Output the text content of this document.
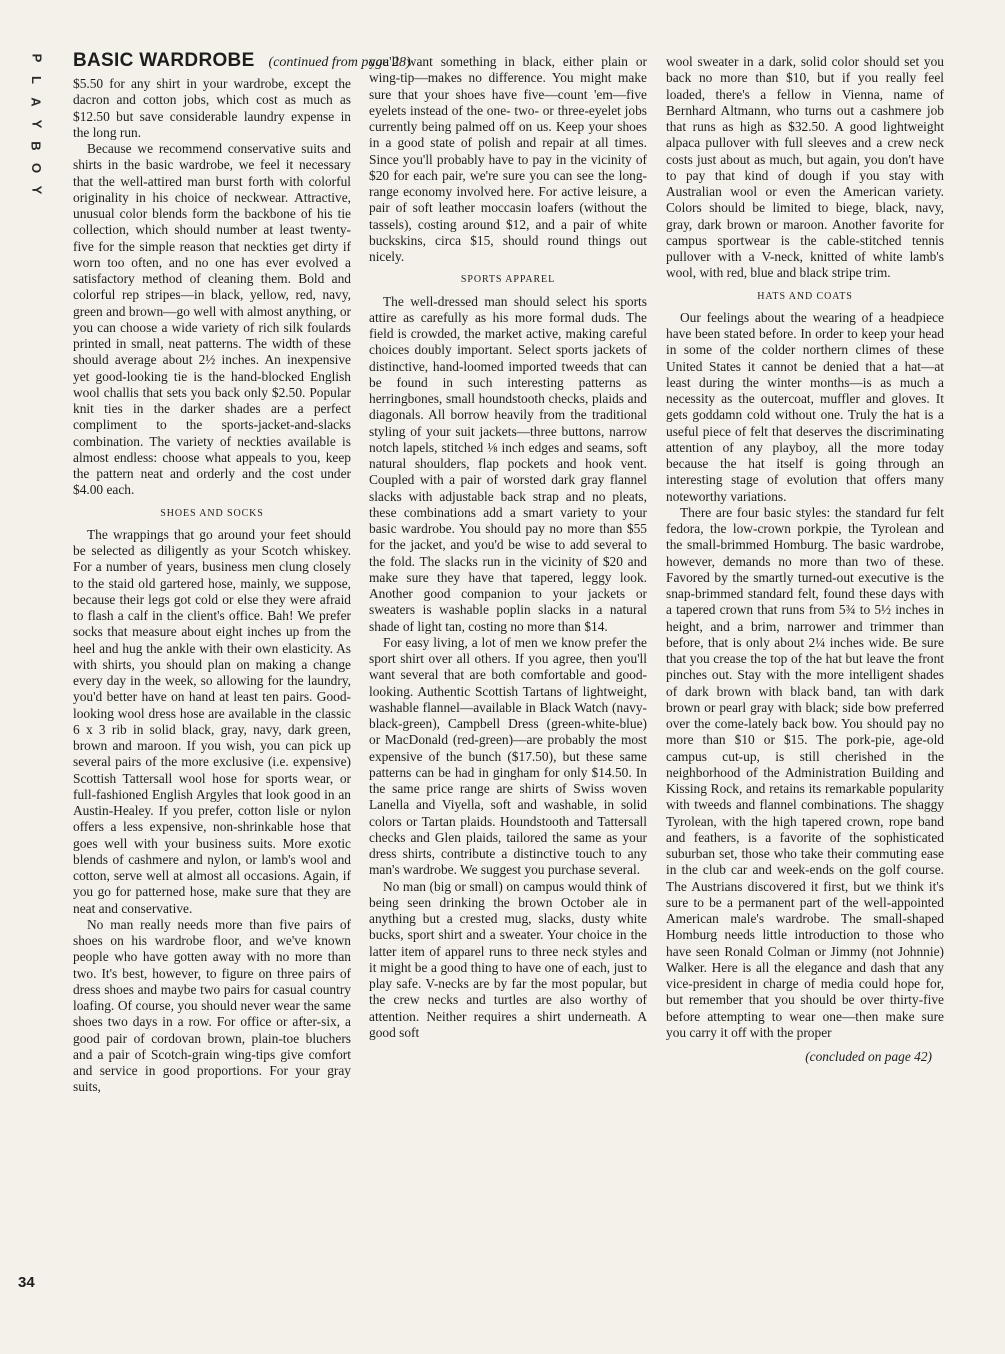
P
L
A
Y
B
O
Y
BASIC WARDROBE (continued from page 28)

$5.50 for any shirt in your wardrobe, except the dacron and cotton jobs, which cost as much as $12.50 but save considerable laundry expense in the long run.

Because we recommend conservative suits and shirts in the basic wardrobe, we feel it necessary that the well-attired man burst forth with colorful originality in his choice of neckwear. Attractive, unusual color blends form the backbone of his tie collection, which should number at least twenty-five for the simple reason that neckties get dirty if worn too often, and no one has ever evolved a satisfactory method of cleaning them. Bold and colorful rep stripes—in black, yellow, red, navy, green and brown—go well with almost anything, or you can choose a wide variety of rich silk foulards printed in small, neat patterns. The width of these should average about 2½ inches. An inexpensive yet good-looking tie is the hand-blocked English wool challis that sets you back only $2.50. Popular knit ties in the darker shades are a perfect compliment to the sports-jacket-and-slacks combination. The variety of neckties available is almost endless: choose what appeals to you, keep the pattern neat and orderly and the cost under $4.00 each.

SHOES AND SOCKS

The wrappings that go around your feet should be selected as diligently as your Scotch whiskey. For a number of years, business men clung closely to the staid old gartered hose, mainly, we suppose, because their legs got cold or else they were afraid to flash a calf in the client's office. Bah! We prefer socks that measure about eight inches up from the heel and hug the ankle with their own elasticity. As with shirts, you should plan on making a change every day in the week, so allowing for the laundry, you'd better have on hand at least ten pairs. Good-looking wool dress hose are available in the classic 6 x 3 rib in solid black, gray, navy, dark green, brown and maroon. If you wish, you can pick up several pairs of the more exclusive (i.e. expensive) Scottish Tattersall wool hose for sports wear, or full-fashioned English Argyles that look good in an Austin-Healey. If you prefer, cotton lisle or nylon offers a less expensive, non-shrinkable hose that goes well with your business suits. More exotic blends of cashmere and nylon, or lamb's wool and cotton, serve well at almost all occasions. Again, if you go for patterned hose, make sure that they are neat and conservative.

No man really needs more than five pairs of shoes on his wardrobe floor, and we've known people who have gotten away with no more than two. It's best, however, to figure on three pairs of dress shoes and maybe two pairs for casual country loafing. Of course, you should never wear the same shoes two days in a row. For office or after-six, a good pair of cordovan brown, plain-toe bluchers and a pair of Scotch-grain wing-tips give comfort and service in good proportions. For your gray suits,

you'll want something in black, either plain or wing-tip—makes no difference. You might make sure that your shoes have five—count 'em—five eyelets instead of the one- two- or three-eyelet jobs currently being palmed off on us. Keep your shoes in a good state of polish and repair at all times. Since you'll probably have to pay in the vicinity of $20 for each pair, we're sure you can see the long-range economy involved here. For active leisure, a pair of soft leather moccasin loafers (without the tassels), costing around $12, and a pair of white buckskins, circa $15, should round things out nicely.

SPORTS APPAREL

The well-dressed man should select his sports attire as carefully as his more formal duds. The field is crowded, the market active, making careful choices doubly important. Select sports jackets of distinctive, hand-loomed imported tweeds that can be found in such interesting patterns as herringbones, small houndstooth checks, plaids and diagonals. All borrow heavily from the traditional styling of your suit jackets—three buttons, narrow notch lapels, stitched ⅛ inch edges and seams, soft natural shoulders, flap pockets and hook vent. Coupled with a pair of worsted dark gray flannel slacks with adjustable back strap and no pleats, these combinations add a smart variety to your basic wardrobe. You should pay no more than $55 for the jacket, and you'd be wise to add several to the fold. The slacks run in the vicinity of $20 and make sure they have that tapered, leggy look. Another good companion to your jackets or sweaters is washable poplin slacks in a natural shade of light tan, costing no more than $14.

For easy living, a lot of men we know prefer the sport shirt over all others. If you agree, then you'll want several that are both comfortable and good-looking. Authentic Scottish Tartans of lightweight, washable flannel—available in Black Watch (navy-black-green), Campbell Dress (green-white-blue) or MacDonald (red-green)—are probably the most expensive of the bunch ($17.50), but these same patterns can be had in gingham for only $14.50. In the same price range are shirts of Swiss woven Lanella and Viyella, soft and washable, in solid colors or Tartan plaids. Houndstooth and Tattersall checks and Glen plaids, tailored the same as your dress shirts, contribute a distinctive touch to any man's wardrobe. We suggest you purchase several.

No man (big or small) on campus would think of being seen drinking the brown October ale in anything but a crested mug, slacks, dusty white bucks, sport shirt and a sweater. Your choice in the latter item of apparel runs to three neck styles and it might be a good thing to have one of each, just to play safe. V-necks are by far the most popular, but the crew necks and turtles are also worthy of attention. Neither requires a shirt underneath. A good soft

wool sweater in a dark, solid color should set you back no more than $10, but if you really feel loaded, there's a fellow in Vienna, name of Bernhard Altmann, who turns out a cashmere job that runs as high as $32.50. A good lightweight alpaca pullover with full sleeves and a crew neck costs just about as much, but again, you don't have to pay that kind of dough if you stay with Australian wool or even the American variety. Colors should be limited to biege, black, navy, gray, dark brown or maroon. Another favorite for campus sportwear is the cable-stitched tennis pullover with a V-neck, knitted of white lamb's wool, with red, blue and black stripe trim.

HATS AND COATS

Our feelings about the wearing of a headpiece have been stated before. In order to keep your head in some of the colder northern climes of these United States it cannot be denied that a hat—at least during the winter months—is as much a necessity as the outercoat, muffler and gloves. It gets goddamn cold without one. Truly the hat is a useful piece of felt that deserves the discriminating attention of any playboy, all the more today because the hat itself is going through an interesting stage of evolution that offers many noteworthy variations.

There are four basic styles: the standard fur felt fedora, the low-crown porkpie, the Tyrolean and the small-brimmed Homburg. The basic wardrobe, however, demands no more than two of these. Favored by the smartly turned-out executive is the snap-brimmed standard felt, found these days with a tapered crown that runs from 5¾ to 5½ inches in height, and a brim, narrower and trimmer than before, that is only about 2¼ inches wide. Be sure that you crease the top of the hat but leave the front pinches out. Stay with the more intelligent shades of dark brown with black band, tan with dark brown or pearl gray with black; side bow preferred over the come-lately back bow. You should pay no more than $10 or $15. The pork-pie, age-old campus cut-up, is still cherished in the neighborhood of the Administration Building and Kissing Rock, and retains its remarkable popularity with tweeds and flannel combinations. The shaggy Tyrolean, with the high tapered crown, rope band and feathers, is a favorite of the sophisticated suburban set, those who take their commuting ease in the club car and week-ends on the golf course. The Austrians discovered it first, but we think it's sure to be a permanent part of the well-appointed American male's wardrobe. The small-shaped Homburg needs little introduction to those who have seen Ronald Colman or Jimmy (not Johnnie) Walker. Here is all the elegance and dash that any vice-president in charge of media could hope for, but remember that you should be over thirty-five before attempting to wear one—then make sure you carry it off with the proper

(concluded on page 42)
34
